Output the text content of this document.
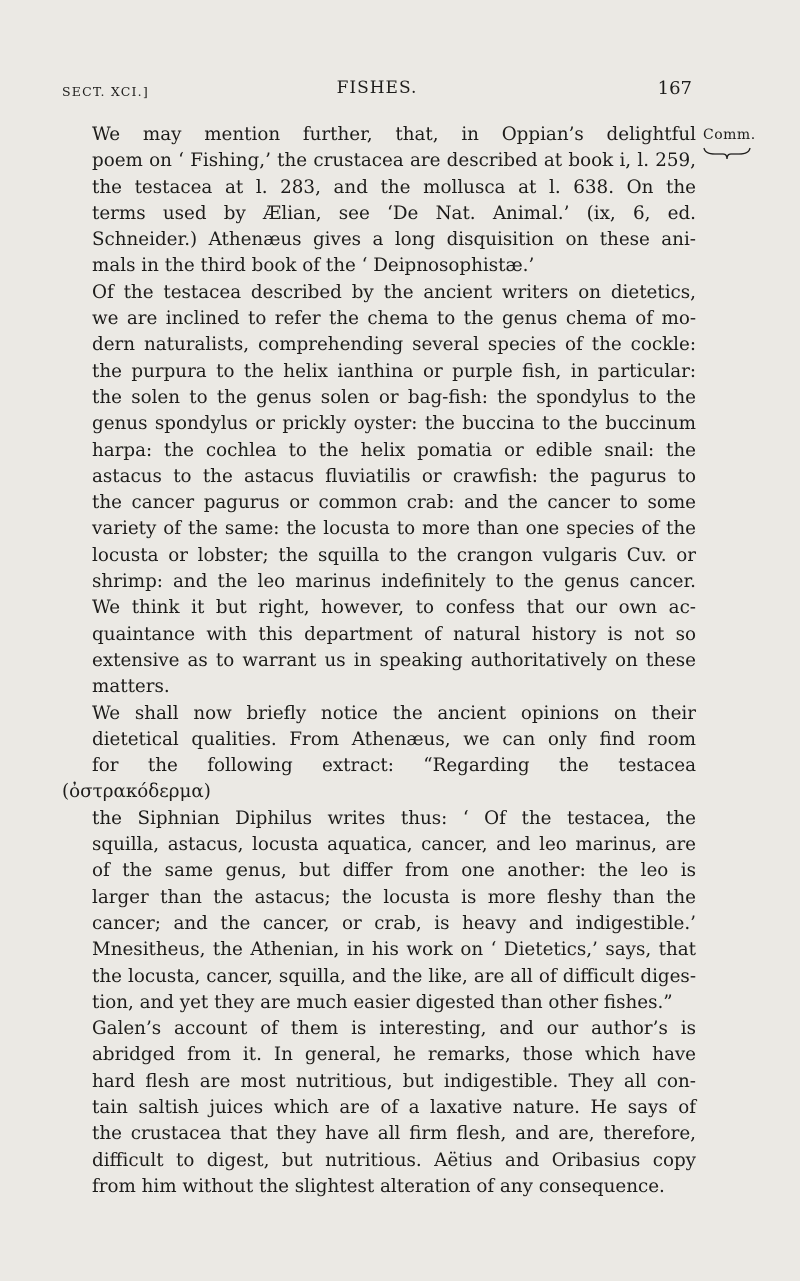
SECT. XCI.]	FISHES.	167
Comm.

We may mention further, that, in Oppian’s delightful
poem on ‘ Fishing,’ the crustacea are described at book i, l. 259,
the testacea at l. 283, and the mollusca at l. 638. On the
terms used by Ælian, see ‘De Nat. Animal.’ (ix, 6, ed.
Schneider.) Athenæus gives a long disquisition on these ani-
mals in the third book of the ‘ Deipnosophistæ.’

Of the testacea described by the ancient writers on dietetics,
we are inclined to refer the chema to the genus chema of mo-
dern naturalists, comprehending several species of the cockle:
the purpura to the helix ianthina or purple fish, in particular:
the solen to the genus solen or bag-fish: the spondylus to the
genus spondylus or prickly oyster: the buccina to the buccinum
harpa: the cochlea to the helix pomatia or edible snail: the
astacus to the astacus fluviatilis or crawfish: the pagurus to
the cancer pagurus or common crab: and the cancer to some
variety of the same: the locusta to more than one species of the
locusta or lobster; the squilla to the crangon vulgaris Cuv. or
shrimp: and the leo marinus indefinitely to the genus cancer.
We think it but right, however, to confess that our own ac-
quaintance with this department of natural history is not so
extensive as to warrant us in speaking authoritatively on these
matters.

We shall now briefly notice the ancient opinions on their
dietetical qualities. From Athenæus, we can only find room
for the following extract: “Regarding the testacea (ὀστρακόδερμα)
the Siphnian Diphilus writes thus: ‘ Of the testacea, the
squilla, astacus, locusta aquatica, cancer, and leo marinus, are
of the same genus, but differ from one another: the leo is
larger than the astacus; the locusta is more fleshy than the
cancer; and the cancer, or crab, is heavy and indigestible.’
Mnesitheus, the Athenian, in his work on ‘ Dietetics,’ says, that
the locusta, cancer, squilla, and the like, are all of difficult diges-
tion, and yet they are much easier digested than other fishes.”

Galen’s account of them is interesting, and our author’s is
abridged from it. In general, he remarks, those which have
hard flesh are most nutritious, but indigestible. They all con-
tain saltish juices which are of a laxative nature. He says of
the crustacea that they have all firm flesh, and are, therefore,
difficult to digest, but nutritious. Aëtius and Oribasius copy
from him without the slightest alteration of any consequence.
